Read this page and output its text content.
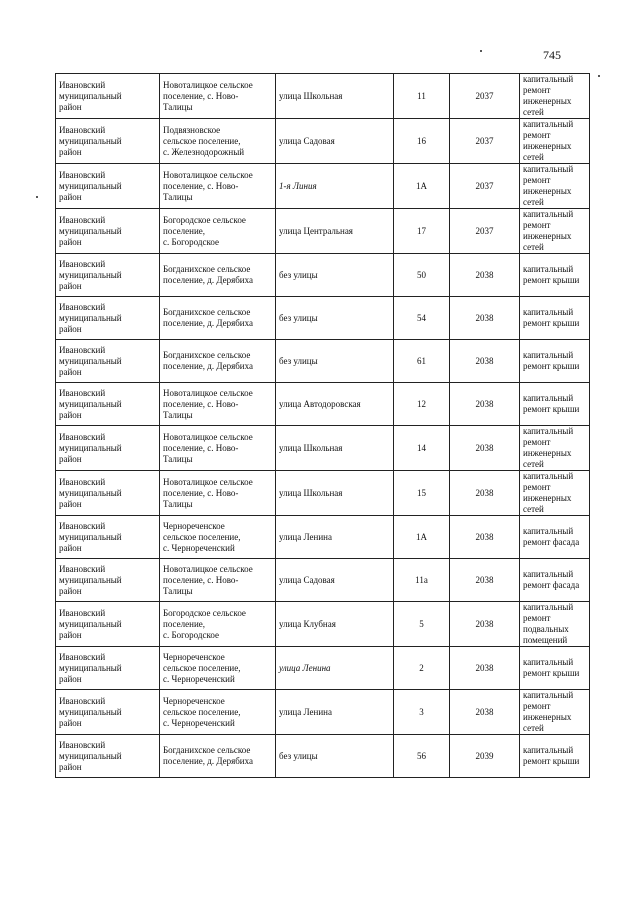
745
Ивановский
муниципальный
район	Новоталицкое сельское
поселение, с. Ново-
Талицы	улица Школьная	11	2037	капитальный
ремонт
инженерных
сетей

Ивановский
муниципальный
район	Подвязновское
сельское поселение,
с. Железнодорожный	улица Садовая	16	2037	капитальный
ремонт
инженерных
сетей

Ивановский
муниципальный
район	Новоталицкое сельское
поселение, с. Ново-
Талицы	1-я Линия	1А	2037	капитальный
ремонт
инженерных
сетей

Ивановский
муниципальный
район	Богородское сельское
поселение,
с. Богородское	улица Центральная	17	2037	капитальный
ремонт
инженерных
сетей

Ивановский
муниципальный
район	Богданихское сельское
поселение, д. Дерябиха	без улицы	50	2038	капитальный
ремонт крыши

Ивановский
муниципальный
район	Богданихское сельское
поселение, д. Дерябиха	без улицы	54	2038	капитальный
ремонт крыши

Ивановский
муниципальный
район	Богданихское сельское
поселение, д. Дерябиха	без улицы	61	2038	капитальный
ремонт крыши

Ивановский
муниципальный
район	Новоталицкое сельское
поселение, с. Ново-
Талицы	улица Автодоровская	12	2038	капитальный
ремонт крыши

Ивановский
муниципальный
район	Новоталицкое сельское
поселение, с. Ново-
Талицы	улица Школьная	14	2038	капитальный
ремонт
инженерных
сетей

Ивановский
муниципальный
район	Новоталицкое сельское
поселение, с. Ново-
Талицы	улица Школьная	15	2038	капитальный
ремонт
инженерных
сетей

Ивановский
муниципальный
район	Чернореченское
сельское поселение,
с. Чернореченский	улица Ленина	1А	2038	капитальный
ремонт фасада

Ивановский
муниципальный
район	Новоталицкое сельское
поселение, с. Ново-
Талицы	улица Садовая	11а	2038	капитальный
ремонт фасада

Ивановский
муниципальный
район	Богородское сельское
поселение,
с. Богородское	улица Клубная	5	2038	капитальный
ремонт
подвальных
помещений

Ивановский
муниципальный
район	Чернореченское
сельское поселение,
с. Чернореченский	улица Ленина	2	2038	капитальный
ремонт крыши

Ивановский
муниципальный
район	Чернореченское
сельское поселение,
с. Чернореченский	улица Ленина	3	2038	капитальный
ремонт
инженерных
сетей

Ивановский
муниципальный
район	Богданихское сельское
поселение, д. Дерябиха	без улицы	56	2039	капитальный
ремонт крыши
